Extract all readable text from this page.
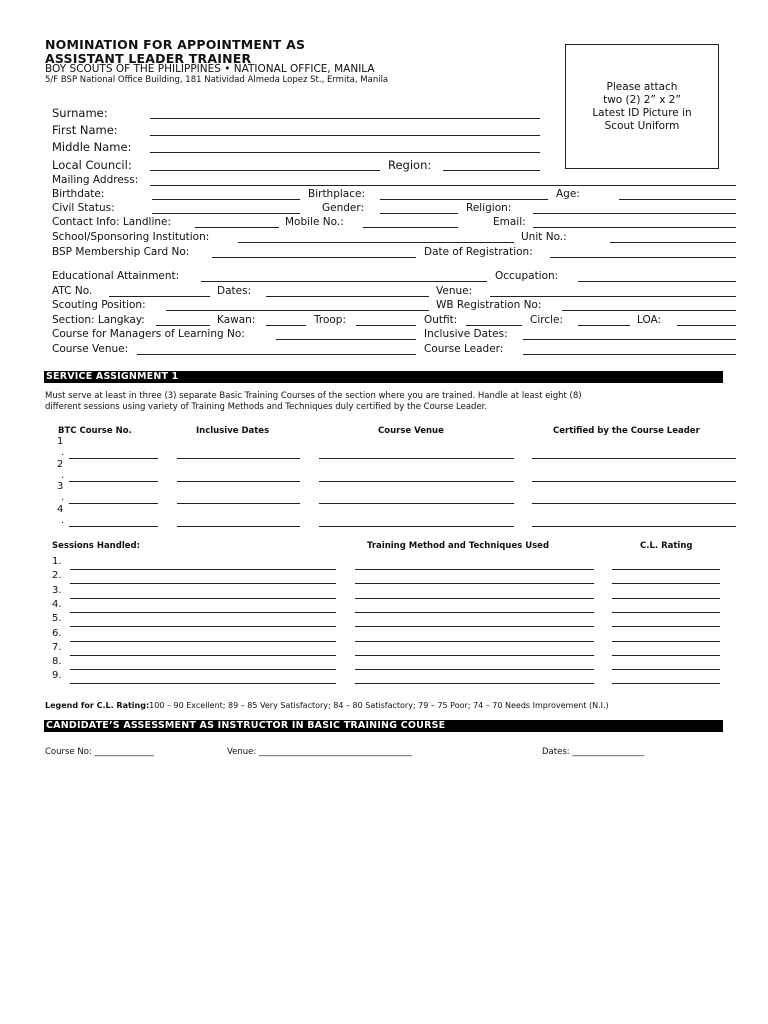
NOMINATION FOR APPOINTMENT AS
ASSISTANT LEADER TRAINER
BOY SCOUTS OF THE PHILIPPINES • NATIONAL OFFICE, MANILA
5/F BSP National Office Building, 181 Natividad Almeda Lopez St., Ermita, Manila
Please attach
two (2) 2” x 2”
Latest ID Picture in
Scout Uniform
Surname:
First Name:
Middle Name:
Local Council:	Region:
Mailing Address:
Birthdate:	Birthplace:	Age:
Civil Status:	Gender:	Religion:
Contact Info: Landline:	Mobile No.:	Email:
School/Sponsoring Institution:	Unit No.:
BSP Membership Card No:	Date of Registration:
Educational Attainment:	Occupation:
ATC No.	Dates:	Venue:
Scouting Position:	WB Registration No:
Section: Langkay:	Kawan:	Troop:	Outfit:	Circle:	LOA:
Course for Managers of Learning No:	Inclusive Dates:
Course Venue:	Course Leader:
SERVICE ASSIGNMENT 1
Must serve at least in three (3) separate Basic Training Courses of the section where you are trained. Handle at least eight (8)
different sessions using variety of Training Methods and Techniques duly certified by the Course Leader.
BTC Course No.	Inclusive Dates	Course Venue	Certified by the Course Leader
1
.
2
.
3
.
4
.
Sessions Handled:	Training Method and Techniques Used	C.L. Rating
1.
2.
3.
4.
5.
6.
7.
8.
9.
Legend for C.L. Rating:100 – 90 Excellent; 89 – 85 Very Satisfactory; 84 – 80 Satisfactory; 79 – 75 Poor; 74 – 70 Needs Improvement (N.I.)
CANDIDATE’S ASSESSMENT AS INSTRUCTOR IN BASIC TRAINING COURSE
Course No: ______________	Venue: ____________________________________	Dates: _________________
